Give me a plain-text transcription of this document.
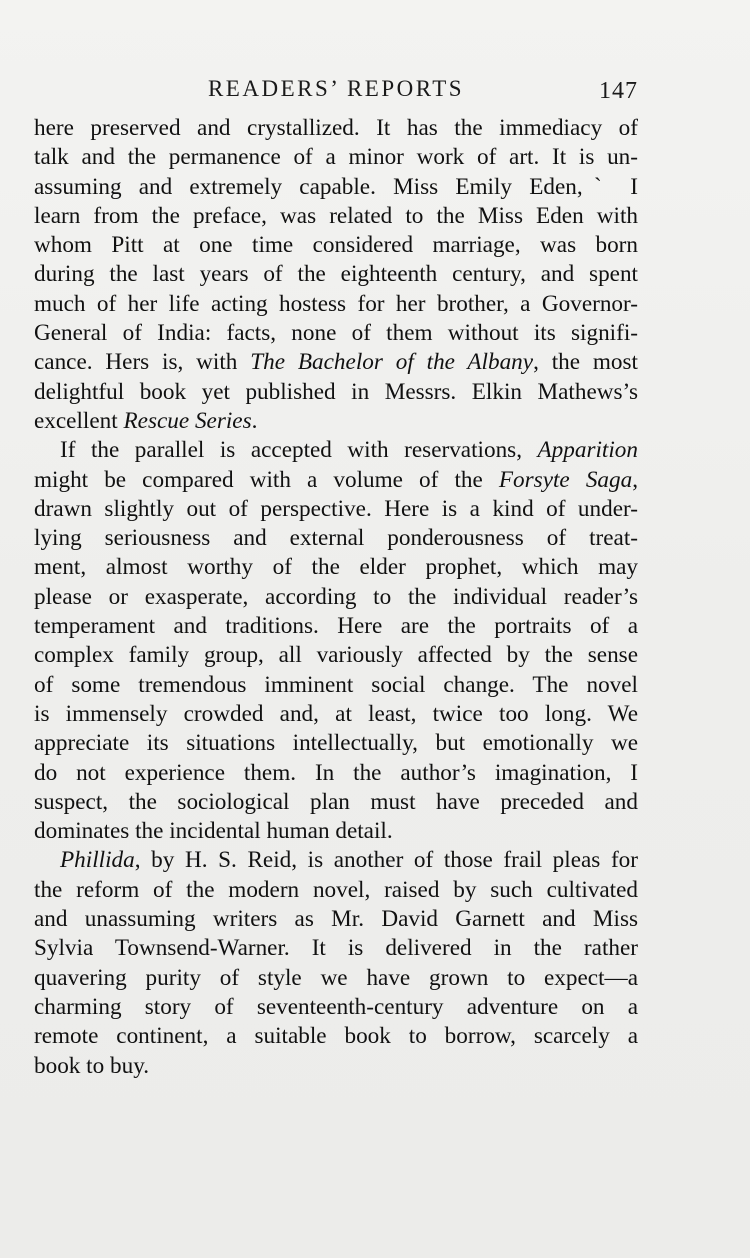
READERS’ REPORTS	147
here preserved and crystallized. It has the immediacy of
talk and the permanence of a minor work of art. It is un-
assuming and extremely capable. Miss Emily Eden,ˋ I
learn from the preface, was related to the Miss Eden with
whom Pitt at one time considered marriage, was born
during the last years of the eighteenth century, and spent
much of her life acting hostess for her brother, a Governor-
General of India: facts, none of them without its signifi-
cance. Hers is, with The Bachelor of the Albany, the most
delightful book yet published in Messrs. Elkin Mathews’s
excellent Rescue Series.
If the parallel is accepted with reservations, Apparition
might be compared with a volume of the Forsyte Saga,
drawn slightly out of perspective. Here is a kind of under-
lying seriousness and external ponderousness of treat-
ment, almost worthy of the elder prophet, which may
please or exasperate, according to the individual reader’s
temperament and traditions. Here are the portraits of a
complex family group, all variously affected by the sense
of some tremendous imminent social change. The novel
is immensely crowded and, at least, twice too long. We
appreciate its situations intellectually, but emotionally we
do not experience them. In the author’s imagination, I
suspect, the sociological plan must have preceded and
dominates the incidental human detail.
Phillida, by H. S. Reid, is another of those frail pleas for
the reform of the modern novel, raised by such cultivated
and unassuming writers as Mr. David Garnett and Miss
Sylvia Townsend-Warner. It is delivered in the rather
quavering purity of style we have grown to expect—a
charming story of seventeenth-century adventure on a
remote continent, a suitable book to borrow, scarcely a
book to buy.
